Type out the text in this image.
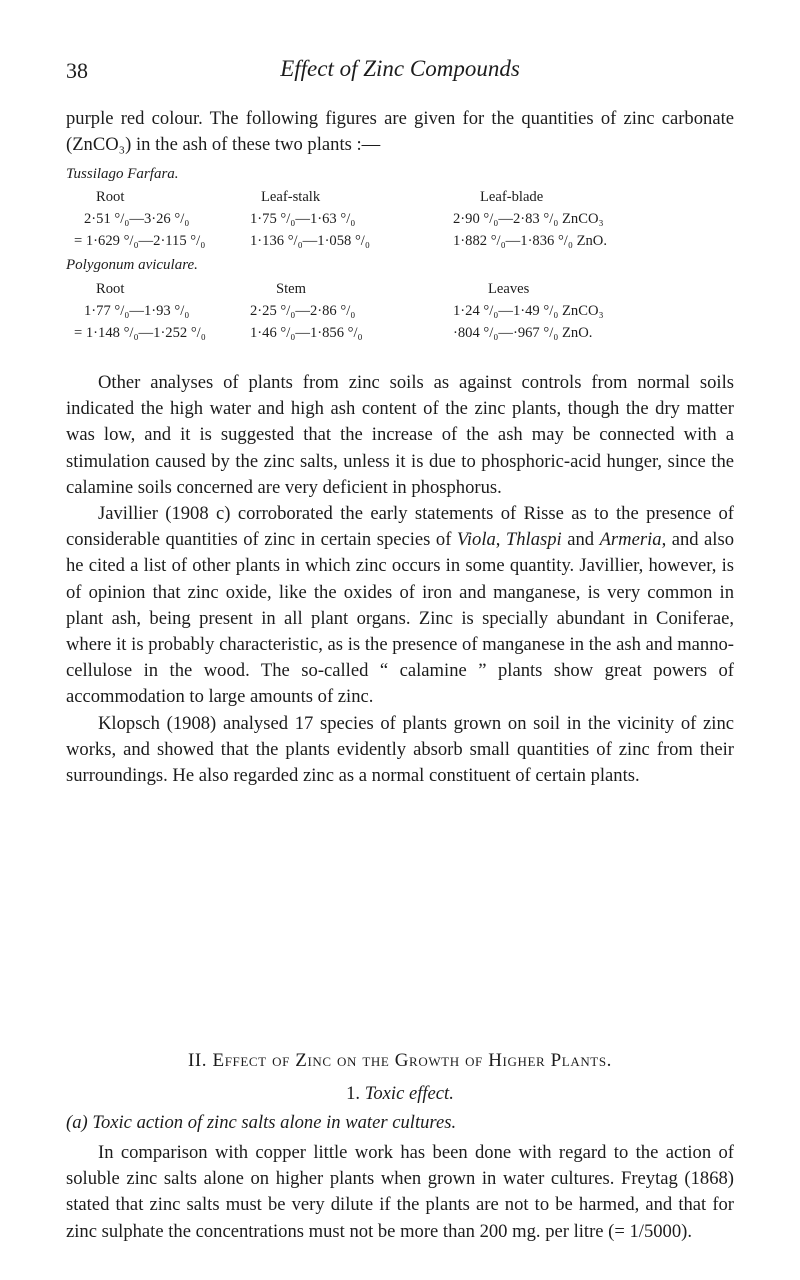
38	Effect of Zinc Compounds

purple red colour. The following figures are given for the quantities of zinc carbonate (ZnCO₃) in the ash of these two plants :—

Tussilago Farfara.
Root	Leaf-stalk	Leaf-blade
2·51 °/₀—3·26 °/₀	1·75 °/₀—1·63 °/₀	2·90 °/₀—2·83 °/₀ ZnCO₃
= 1·629 °/₀—2·115 °/₀	1·136 °/₀—1·058 °/₀	1·882 °/₀—1·836 °/₀ ZnO.
Polygonum aviculare.
Root	Stem	Leaves
1·77 °/₀—1·93 °/₀	2·25 °/₀—2·86 °/₀	1·24 °/₀—1·49 °/₀ ZnCO₃
= 1·148 °/₀—1·252 °/₀	1·46 °/₀—1·856 °/₀	·804 °/₀—·967 °/₀ ZnO.

Other analyses of plants from zinc soils as against controls from normal soils indicated the high water and high ash content of the zinc plants, though the dry matter was low, and it is suggested that the increase of the ash may be connected with a stimulation caused by the zinc salts, unless it is due to phosphoric-acid hunger, since the calamine soils concerned are very deficient in phosphorus.

Javillier (1908 c) corroborated the early statements of Risse as to the presence of considerable quantities of zinc in certain species of Viola, Thlaspi and Armeria, and also he cited a list of other plants in which zinc occurs in some quantity. Javillier, however, is of opinion that zinc oxide, like the oxides of iron and manganese, is very common in plant ash, being present in all plant organs. Zinc is specially abundant in Coniferae, where it is probably characteristic, as is the presence of manganese in the ash and manno-cellulose in the wood. The so-called “ calamine ” plants show great powers of accommodation to large amounts of zinc.

Klopsch (1908) analysed 17 species of plants grown on soil in the vicinity of zinc works, and showed that the plants evidently absorb small quantities of zinc from their surroundings. He also regarded zinc as a normal constituent of certain plants.

II. Effect of Zinc on the Growth of Higher Plants.
1. Toxic effect.
(a) Toxic action of zinc salts alone in water cultures.

In comparison with copper little work has been done with regard to the action of soluble zinc salts alone on higher plants when grown in water cultures. Freytag (1868) stated that zinc salts must be very dilute if the plants are not to be harmed, and that for zinc sulphate the concentrations must not be more than 200 mg. per litre (= 1/5000).
